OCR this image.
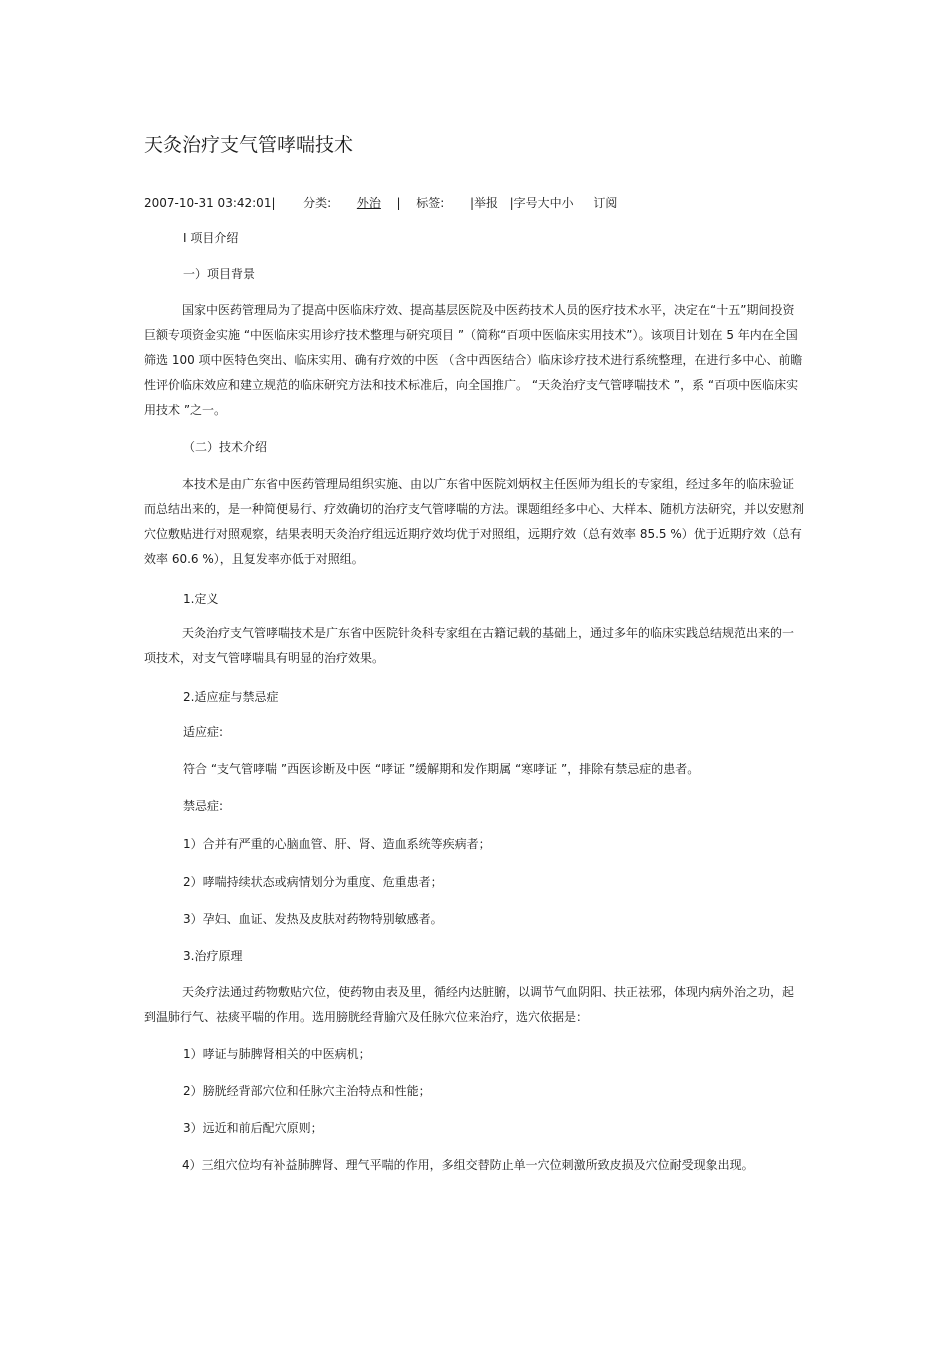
天灸治疗支气管哮喘技术
2007-10-31 03:42:01| 分类: 外治 | 标签: |举报 |字号大中小 订阅
Ⅰ 项目介绍
一）项目背景
国家中医药管理局为了提高中医临床疗效、提高基层医院及中医药技术人员的医疗技术水平，决定在“十五”期间投资巨额专项资金实施 “中医临床实用诊疗技术整理与研究项目 ”（简称“百项中医临床实用技术”）。该项目计划在 5 年内在全国筛选 100 项中医特色突出、临床实用、确有疗效的中医 （含中西医结合）临床诊疗技术进行系统整理，在进行多中心、前瞻性评价临床效应和建立规范的临床研究方法和技术标准后，向全国推广。 “天灸治疗支气管哮喘技术 ”，系 “百项中医临床实用技术 ”之一。
（二）技术介绍
本技术是由广东省中医药管理局组织实施、由以广东省中医院刘炳权主任医师为组长的专家组，经过多年的临床验证而总结出来的，是一种简便易行、疗效确切的治疗支气管哮喘的方法。课题组经多中心、大样本、随机方法研究，并以安慰剂穴位敷贴进行对照观察，结果表明天灸治疗组远近期疗效均优于对照组，远期疗效（总有效率 85.5 %）优于近期疗效（总有效率 60.6 %），且复发率亦低于对照组。
1.定义
天灸治疗支气管哮喘技术是广东省中医院针灸科专家组在古籍记载的基础上，通过多年的临床实践总结规范出来的一项技术，对支气管哮喘具有明显的治疗效果。
2.适应症与禁忌症
适应症:
符合 “支气管哮喘 ”西医诊断及中医 “哮证 ”缓解期和发作期属 “寒哮证 ”，排除有禁忌症的患者。
禁忌症:
1）合并有严重的心脑血管、肝、肾、造血系统等疾病者；
2）哮喘持续状态或病情划分为重度、危重患者；
3）孕妇、血证、发热及皮肤对药物特别敏感者。
3.治疗原理
天灸疗法通过药物敷贴穴位，使药物由表及里，循经内达脏腑，以调节气血阴阳、扶正祛邪，体现内病外治之功，起到温肺行气、祛痰平喘的作用。选用膀胱经背腧穴及任脉穴位来治疗，选穴依据是：
1）哮证与肺脾肾相关的中医病机；
2）膀胱经背部穴位和任脉穴主治特点和性能；
3）远近和前后配穴原则；
4）三组穴位均有补益肺脾肾、理气平喘的作用，多组交替防止单一穴位刺激所致皮损及穴位耐受现象出现。
